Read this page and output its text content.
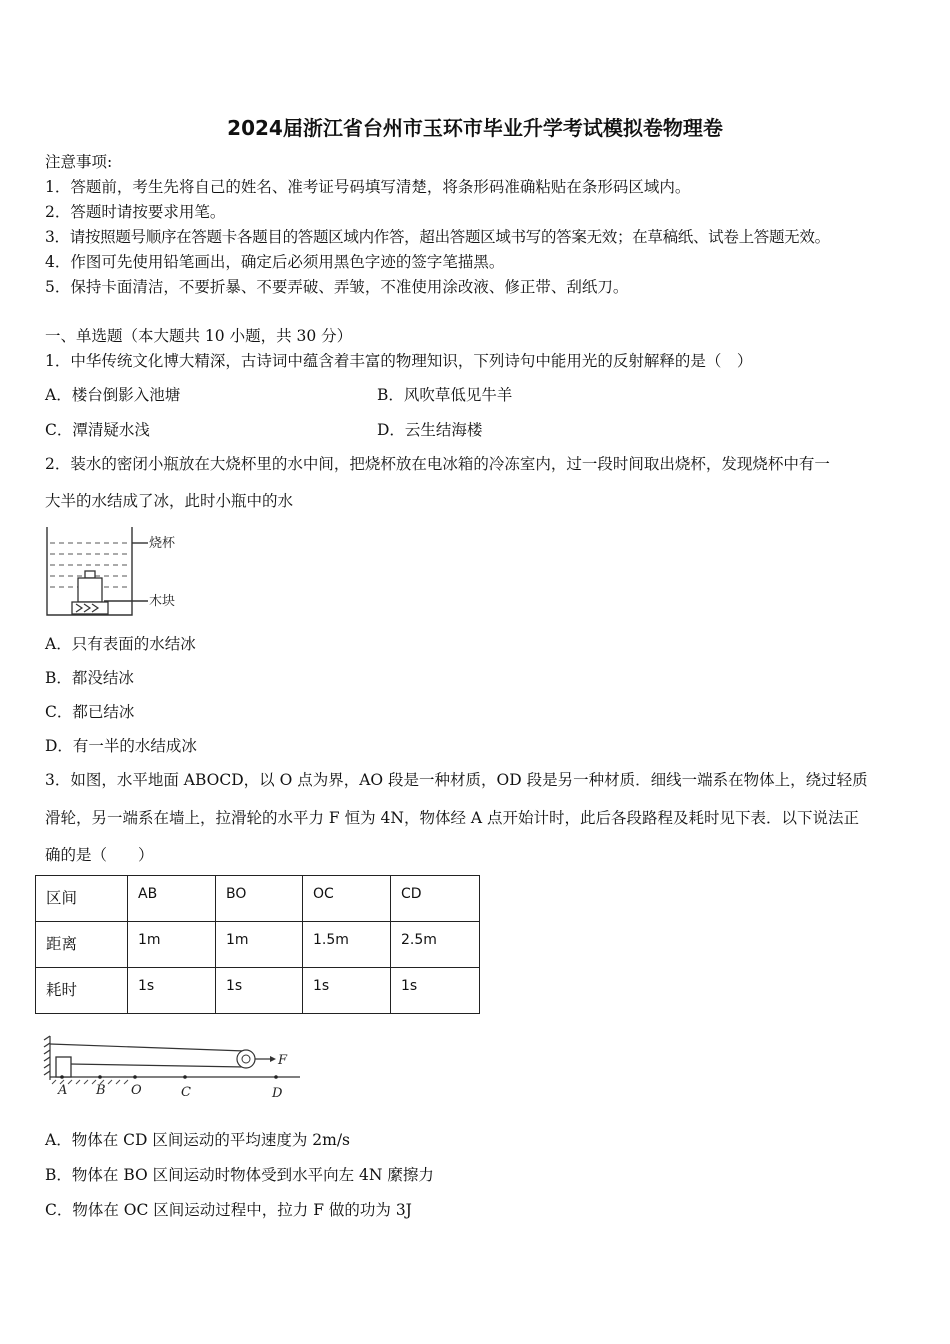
2024届浙江省台州市玉环市毕业升学考试模拟卷物理卷
注意事项:
1．答题前，考生先将自己的姓名、准考证号码填写清楚，将条形码准确粘贴在条形码区域内。
2．答题时请按要求用笔。
3．请按照题号顺序在答题卡各题目的答题区域内作答，超出答题区域书写的答案无效；在草稿纸、试卷上答题无效。
4．作图可先使用铅笔画出，确定后必须用黑色字迹的签字笔描黑。
5．保持卡面清洁，不要折暴、不要弄破、弄皱，不准使用涂改液、修正带、刮纸刀。
一、单选题（本大题共 10 小题，共 30 分）
1．中华传统文化博大精深，古诗词中蕴含着丰富的物理知识，下列诗句中能用光的反射解释的是（　）
A．楼台倒影入池塘	B．风吹草低见牛羊
C．潭清疑水浅	D．云生结海楼
2．装水的密闭小瓶放在大烧杯里的水中间，把烧杯放在电冰箱的冷冻室内，过一段时间取出烧杯，发现烧杯中有一
大半的水结成了冰，此时小瓶中的水
烧杯
木块
A．只有表面的水结冰
B．都没结冰
C．都已结冰
D．有一半的水结成冰
3．如图，水平地面 ABOCD，以 O 点为界，AO 段是一种材质，OD 段是另一种材质．细线一端系在物体上，绕过轻质
滑轮，另一端系在墙上，拉滑轮的水平力 F 恒为 4N，物体经 A 点开始计时，此后各段路程及耗时见下表．以下说法正
确的是（　　）
区间	AB	BO	OC	CD
距离	1m	1m	1.5m	2.5m
耗时	1s	1s	1s	1s
A B O	C	D
F
A．物体在 CD 区间运动的平均速度为 2m/s
B．物体在 BO 区间运动时物体受到水平向左 4N 縻擦力
C．物体在 OC 区间运动过程中，拉力 F 做的功为 3J
